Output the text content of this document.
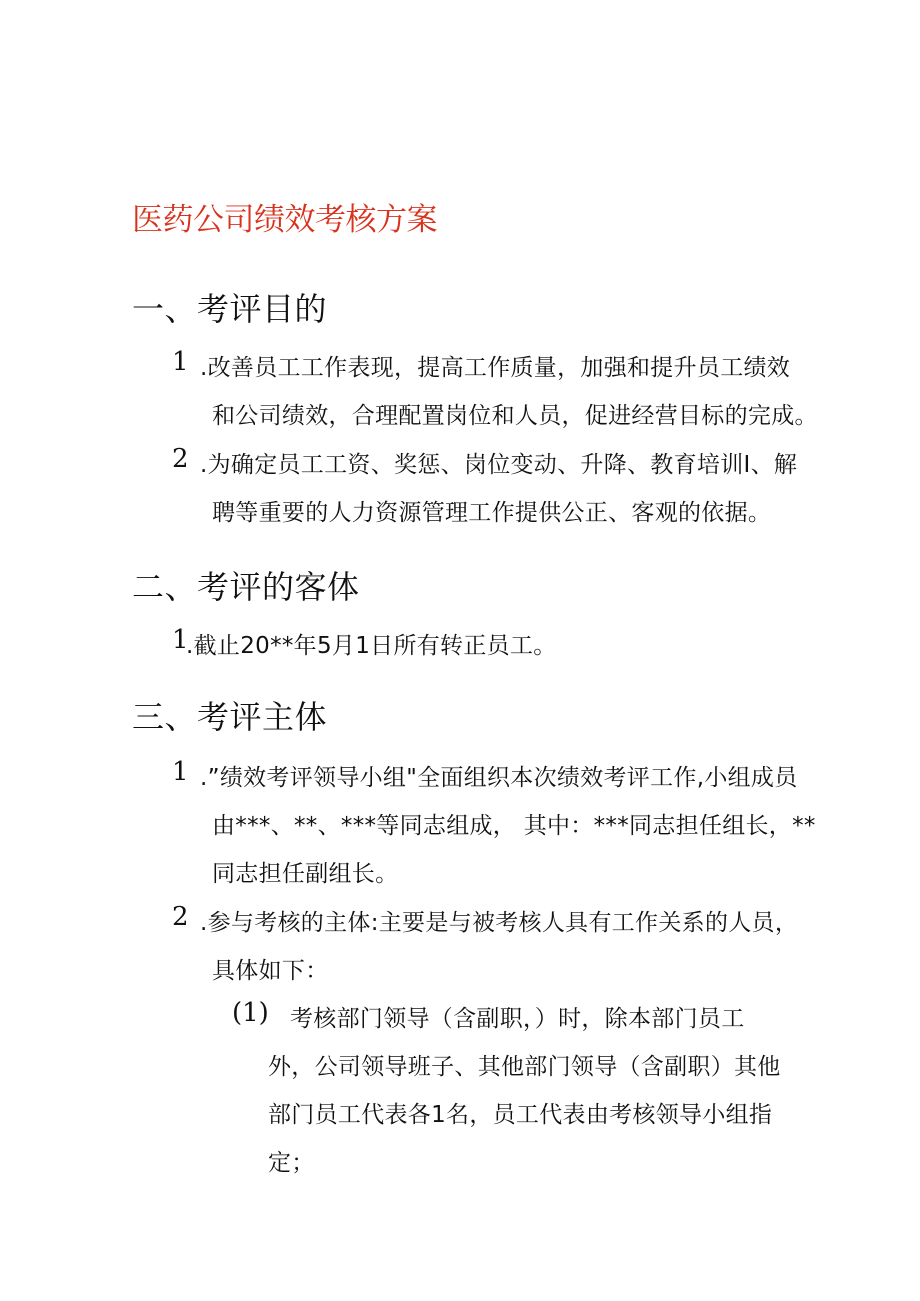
医药公司绩效考核方案
一、考评目的
1 .改善员工工作表现，提高工作质量，加强和提升员工绩效
和公司绩效，合理配置岗位和人员，促进经营目标的完成。
2 .为确定员工工资、奖惩、岗位变动、升降、教育培训I、解
聘等重要的人力资源管理工作提供公正、客观的依据。
二、考评的客体
1
.截止20**年5月1日所有转正员工。
三、考评主体
1 .”绩效考评领导小组"全面组织本次绩效考评工作,小组成员
由***、**、***等同志组成， 其中：***同志担任组长，**
同志担任副组长。
2 .参与考核的主体:主要是与被考核人具有工作关系的人员，
具体如下：
(1) 考核部门领导（含副职，）时，除本部门员工
外，公司领导班子、其他部门领导（含副职）其他
部门员工代表各1名，员工代表由考核领导小组指
定；
